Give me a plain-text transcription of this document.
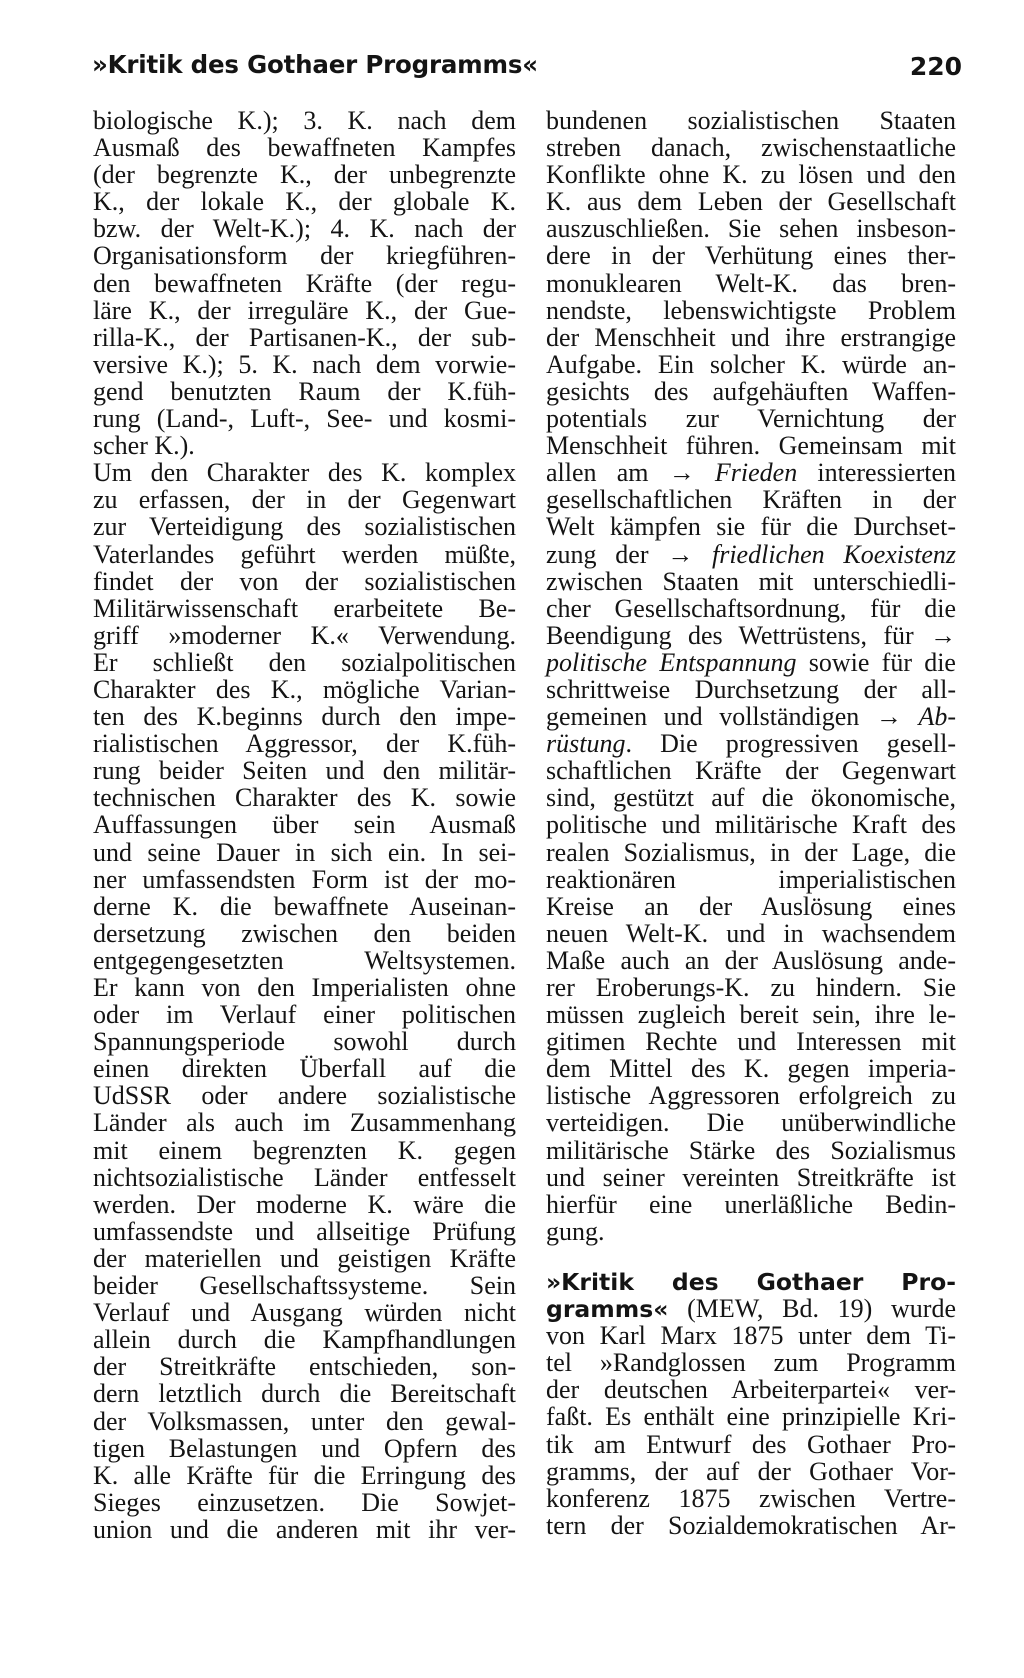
»Kritik des Gothaer Programms«	220
biologische K.); 3. K. nach dem
Ausmaß des bewaffneten Kampfes
(der begrenzte K., der unbegrenzte
K., der lokale K., der globale K.
bzw. der Welt-K.); 4. K. nach der
Organisationsform der kriegführen-
den bewaffneten Kräfte (der regu-
läre K., der irreguläre K., der Gue-
rilla-K., der Partisanen-K., der sub-
versive K.); 5. K. nach dem vorwie-
gend benutzten Raum der K.füh-
rung (Land-, Luft-, See- und kosmi-
scher K.).
Um den Charakter des K. komplex
zu erfassen, der in der Gegenwart
zur Verteidigung des sozialistischen
Vaterlandes geführt werden müßte,
findet der von der sozialistischen
Militärwissenschaft erarbeitete Be-
griff »moderner K.« Verwendung.
Er schließt den sozialpolitischen
Charakter des K., mögliche Varian-
ten des K.beginns durch den impe-
rialistischen Aggressor, der K.füh-
rung beider Seiten und den militär-
technischen Charakter des K. sowie
Auffassungen über sein Ausmaß
und seine Dauer in sich ein. In sei-
ner umfassendsten Form ist der mo-
derne K. die bewaffnete Auseinan-
dersetzung zwischen den beiden
entgegengesetzten Weltsystemen.
Er kann von den Imperialisten ohne
oder im Verlauf einer politischen
Spannungsperiode sowohl durch
einen direkten Überfall auf die
UdSSR oder andere sozialistische
Länder als auch im Zusammenhang
mit einem begrenzten K. gegen
nichtsozialistische Länder entfesselt
werden. Der moderne K. wäre die
umfassendste und allseitige Prüfung
der materiellen und geistigen Kräfte
beider Gesellschaftssysteme. Sein
Verlauf und Ausgang würden nicht
allein durch die Kampfhandlungen
der Streitkräfte entschieden, son-
dern letztlich durch die Bereitschaft
der Volksmassen, unter den gewal-
tigen Belastungen und Opfern des
K. alle Kräfte für die Erringung des
Sieges einzusetzen. Die Sowjet-
union und die anderen mit ihr ver-
bundenen sozialistischen Staaten
streben danach, zwischenstaatliche
Konflikte ohne K. zu lösen und den
K. aus dem Leben der Gesellschaft
auszuschließen. Sie sehen insbeson-
dere in der Verhütung eines ther-
monuklearen Welt-K. das bren-
nendste, lebenswichtigste Problem
der Menschheit und ihre erstrangige
Aufgabe. Ein solcher K. würde an-
gesichts des aufgehäuften Waffen-
potentials zur Vernichtung der
Menschheit führen. Gemeinsam mit
allen am → Frieden interessierten
gesellschaftlichen Kräften in der
Welt kämpfen sie für die Durchset-
zung der → friedlichen Koexistenz
zwischen Staaten mit unterschiedli-
cher Gesellschaftsordnung, für die
Beendigung des Wettrüstens, für →
politische Entspannung sowie für die
schrittweise Durchsetzung der all-
gemeinen und vollständigen → Ab-
rüstung. Die progressiven gesell-
schaftlichen Kräfte der Gegenwart
sind, gestützt auf die ökonomische,
politische und militärische Kraft des
realen Sozialismus, in der Lage, die
reaktionären imperialistischen
Kreise an der Auslösung eines
neuen Welt-K. und in wachsendem
Maße auch an der Auslösung ande-
rer Eroberungs-K. zu hindern. Sie
müssen zugleich bereit sein, ihre le-
gitimen Rechte und Interessen mit
dem Mittel des K. gegen imperia-
listische Aggressoren erfolgreich zu
verteidigen. Die unüberwindliche
militärische Stärke des Sozialismus
und seiner vereinten Streitkräfte ist
hierfür eine unerläßliche Bedin-
gung.
»Kritik des Gothaer Pro-
gramms« (MEW, Bd. 19) wurde
von Karl Marx 1875 unter dem Ti-
tel »Randglossen zum Programm
der deutschen Arbeiterpartei« ver-
faßt. Es enthält eine prinzipielle Kri-
tik am Entwurf des Gothaer Pro-
gramms, der auf der Gothaer Vor-
konferenz 1875 zwischen Vertre-
tern der Sozialdemokratischen Ar-
